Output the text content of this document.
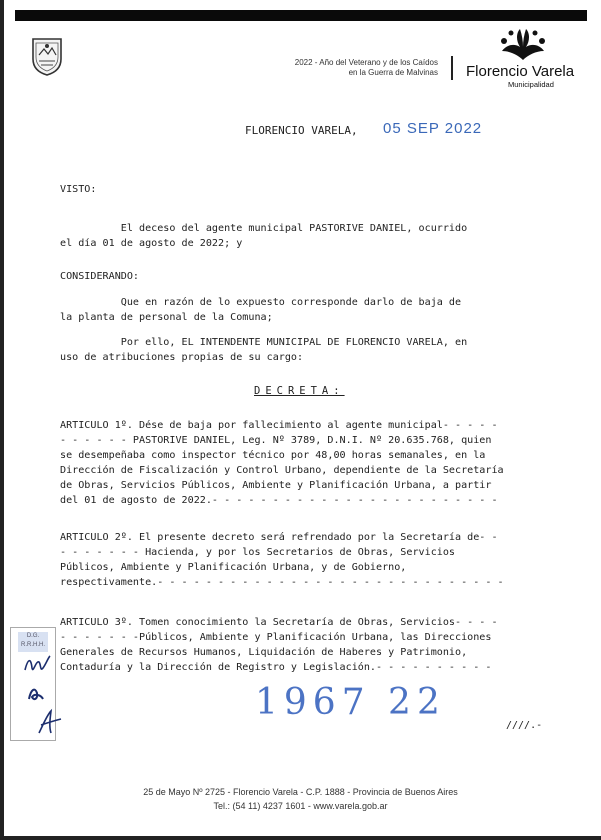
2022 - Año del Veterano y de los Caídos
en la Guerra de Malvinas Florencio Varela
Municipalidad
FLORENCIO VARELA, 05 SEP 2022
VISTO:
El deceso del agente municipal PASTORIVE DANIEL, ocurrido
el día 01 de agosto de 2022; y
CONSIDERANDO:
Que en razón de lo expuesto corresponde darlo de baja de
la planta de personal de la Comuna;
Por ello, EL INTENDENTE MUNICIPAL DE FLORENCIO VARELA, en
uso de atribuciones propias de su cargo:
DECRETA:
ARTICULO 1º. Dése de baja por fallecimiento al agente municipal- - - - -
- - - - - - PASTORIVE DANIEL, Leg. Nº 3789, D.N.I. Nº 20.635.768, quien
se desempeñaba como inspector técnico por 48,00 horas semanales, en la
Dirección de Fiscalización y Control Urbano, dependiente de la Secretaría
de Obras, Servicios Públicos, Ambiente y Planificación Urbana, a partir
del 01 de agosto de 2022.- - - - - - - - - - - - - - - - - - - - - - - -
ARTICULO 2º. El presente decreto será refrendado por la Secretaría de- -
- - - - - - - Hacienda, y por los Secretarios de Obras, Servicios
Públicos, Ambiente y Planificación Urbana, y de Gobierno,
respectivamente.- - - - - - - - - - - - - - - - - - - - - - - - - - - - -
ARTICULO 3º. Tomen conocimiento la Secretaría de Obras, Servicios- - - -
- - - - - - -Públicos, Ambiente y Planificación Urbana, las Direcciones
Generales de Recursos Humanos, Liquidación de Haberes y Patrimonio,
Contaduría y la Dirección de Registro y Legislación.- - - - - - - - - -
D.G.
R.R.H.H.
1967 22
////.-
25 de Mayo Nº 2725 - Florencio Varela - C.P. 1888 - Provincia de Buenos Aires
Tel.: (54 11) 4237 1601 - www.varela.gob.ar
